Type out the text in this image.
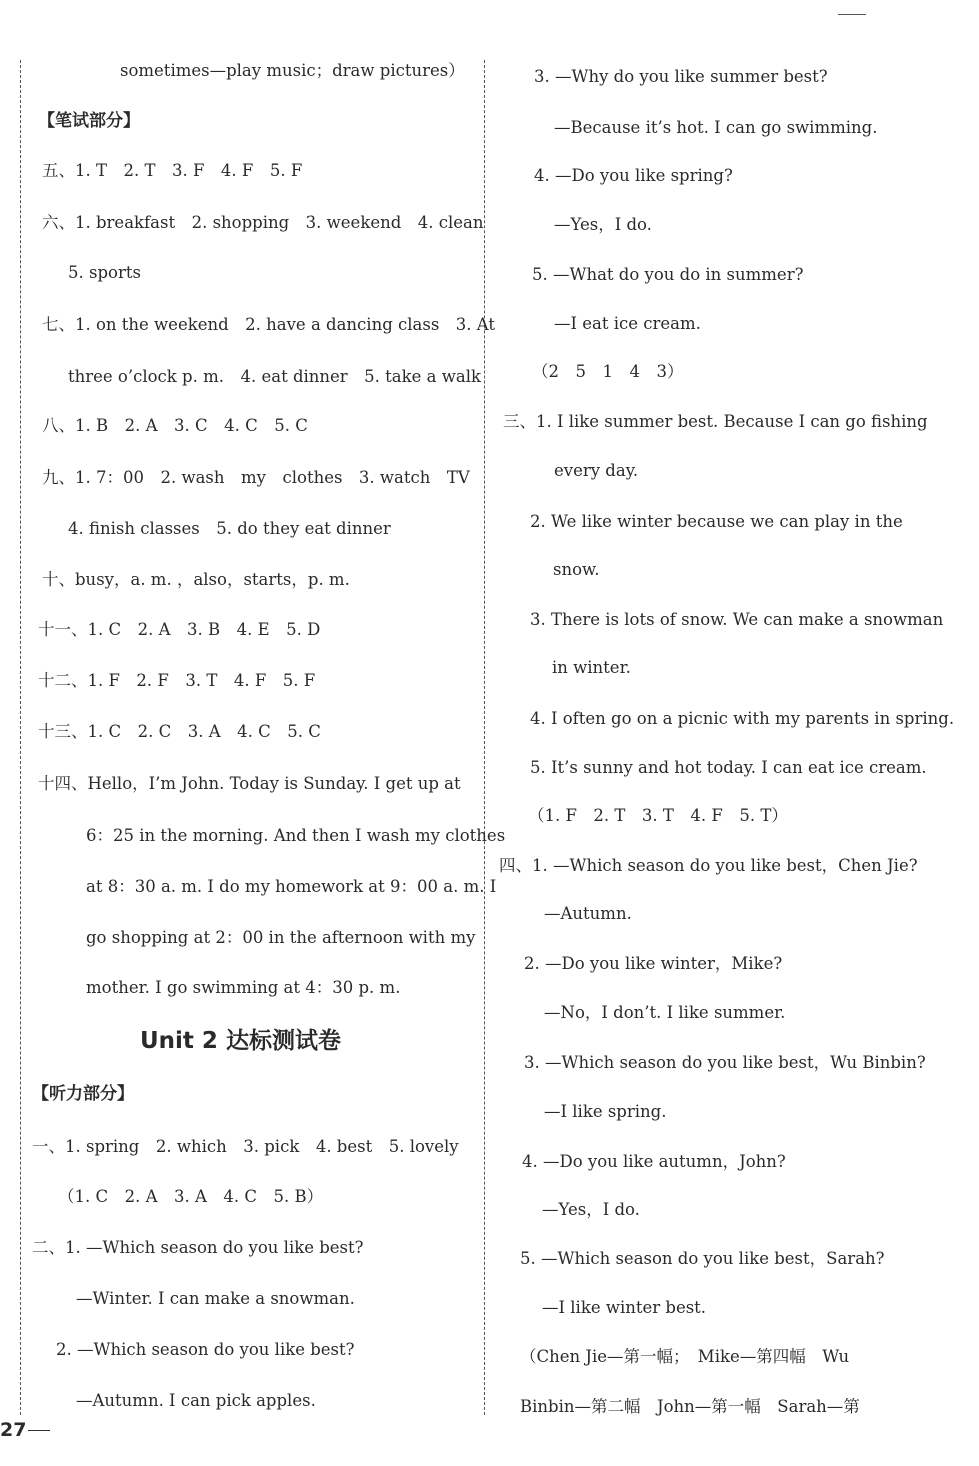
sometimes—play music；draw pictures）
【笔试部分】
五、1. T　2. T　3. F　4. F　5. F
六、1. breakfast　2. shopping　3. weekend　4. clean
5. sports
七、1. on the weekend　2. have a dancing class　3. At
three o’clock p. m.　4. eat dinner　5. take a walk
八、1. B　2. A　3. C　4. C　5. C
九、1. 7：00　2. wash　my　clothes　3. watch　TV
4. finish classes　5. do they eat dinner
十、busy，a. m. ，also，starts，p. m.
十一、1. C　2. A　3. B　4. E　5. D
十二、1. F　2. F　3. T　4. F　5. F
十三、1. C　2. C　3. A　4. C　5. C
十四、Hello，I’m John. Today is Sunday. I get up at
6：25 in the morning. And then I wash my clothes
at 8：30 a. m. I do my homework at 9：00 a. m. I
go shopping at 2：00 in the afternoon with my
mother. I go swimming at 4：30 p. m.
Unit 2 达标测试卷
【听力部分】
一、1. spring　2. which　3. pick　4. best　5. lovely
（1. C　2. A　3. A　4. C　5. B）
二、1. —Which season do you like best?
—Winter. I can make a snowman.
2. —Which season do you like best?
—Autumn. I can pick apples.
3. —Why do you like summer best?
—Because it’s hot. I can go swimming.
4. —Do you like spring?
—Yes，I do.
5. —What do you do in summer?
—I eat ice cream.
（2　5　1　4　3）
三、1. I like summer best. Because I can go fishing
every day.
2. We like winter because we can play in the
snow.
3. There is lots of snow. We can make a snowman
in winter.
4. I often go on a picnic with my parents in spring.
5. It’s sunny and hot today. I can eat ice cream.
（1. F　2. T　3. T　4. F　5. T）
四、1. —Which season do you like best，Chen Jie?
—Autumn.
2. —Do you like winter，Mike?
—No，I don’t. I like summer.
3. —Which season do you like best，Wu Binbin?
—I like spring.
4. —Do you like autumn，John?
—Yes，I do.
5. —Which season do you like best，Sarah?
—I like winter best.
（Chen Jie—第一幅；　Mike—第四幅　Wu
Binbin—第二幅　John—第一幅　Sarah—第
27
